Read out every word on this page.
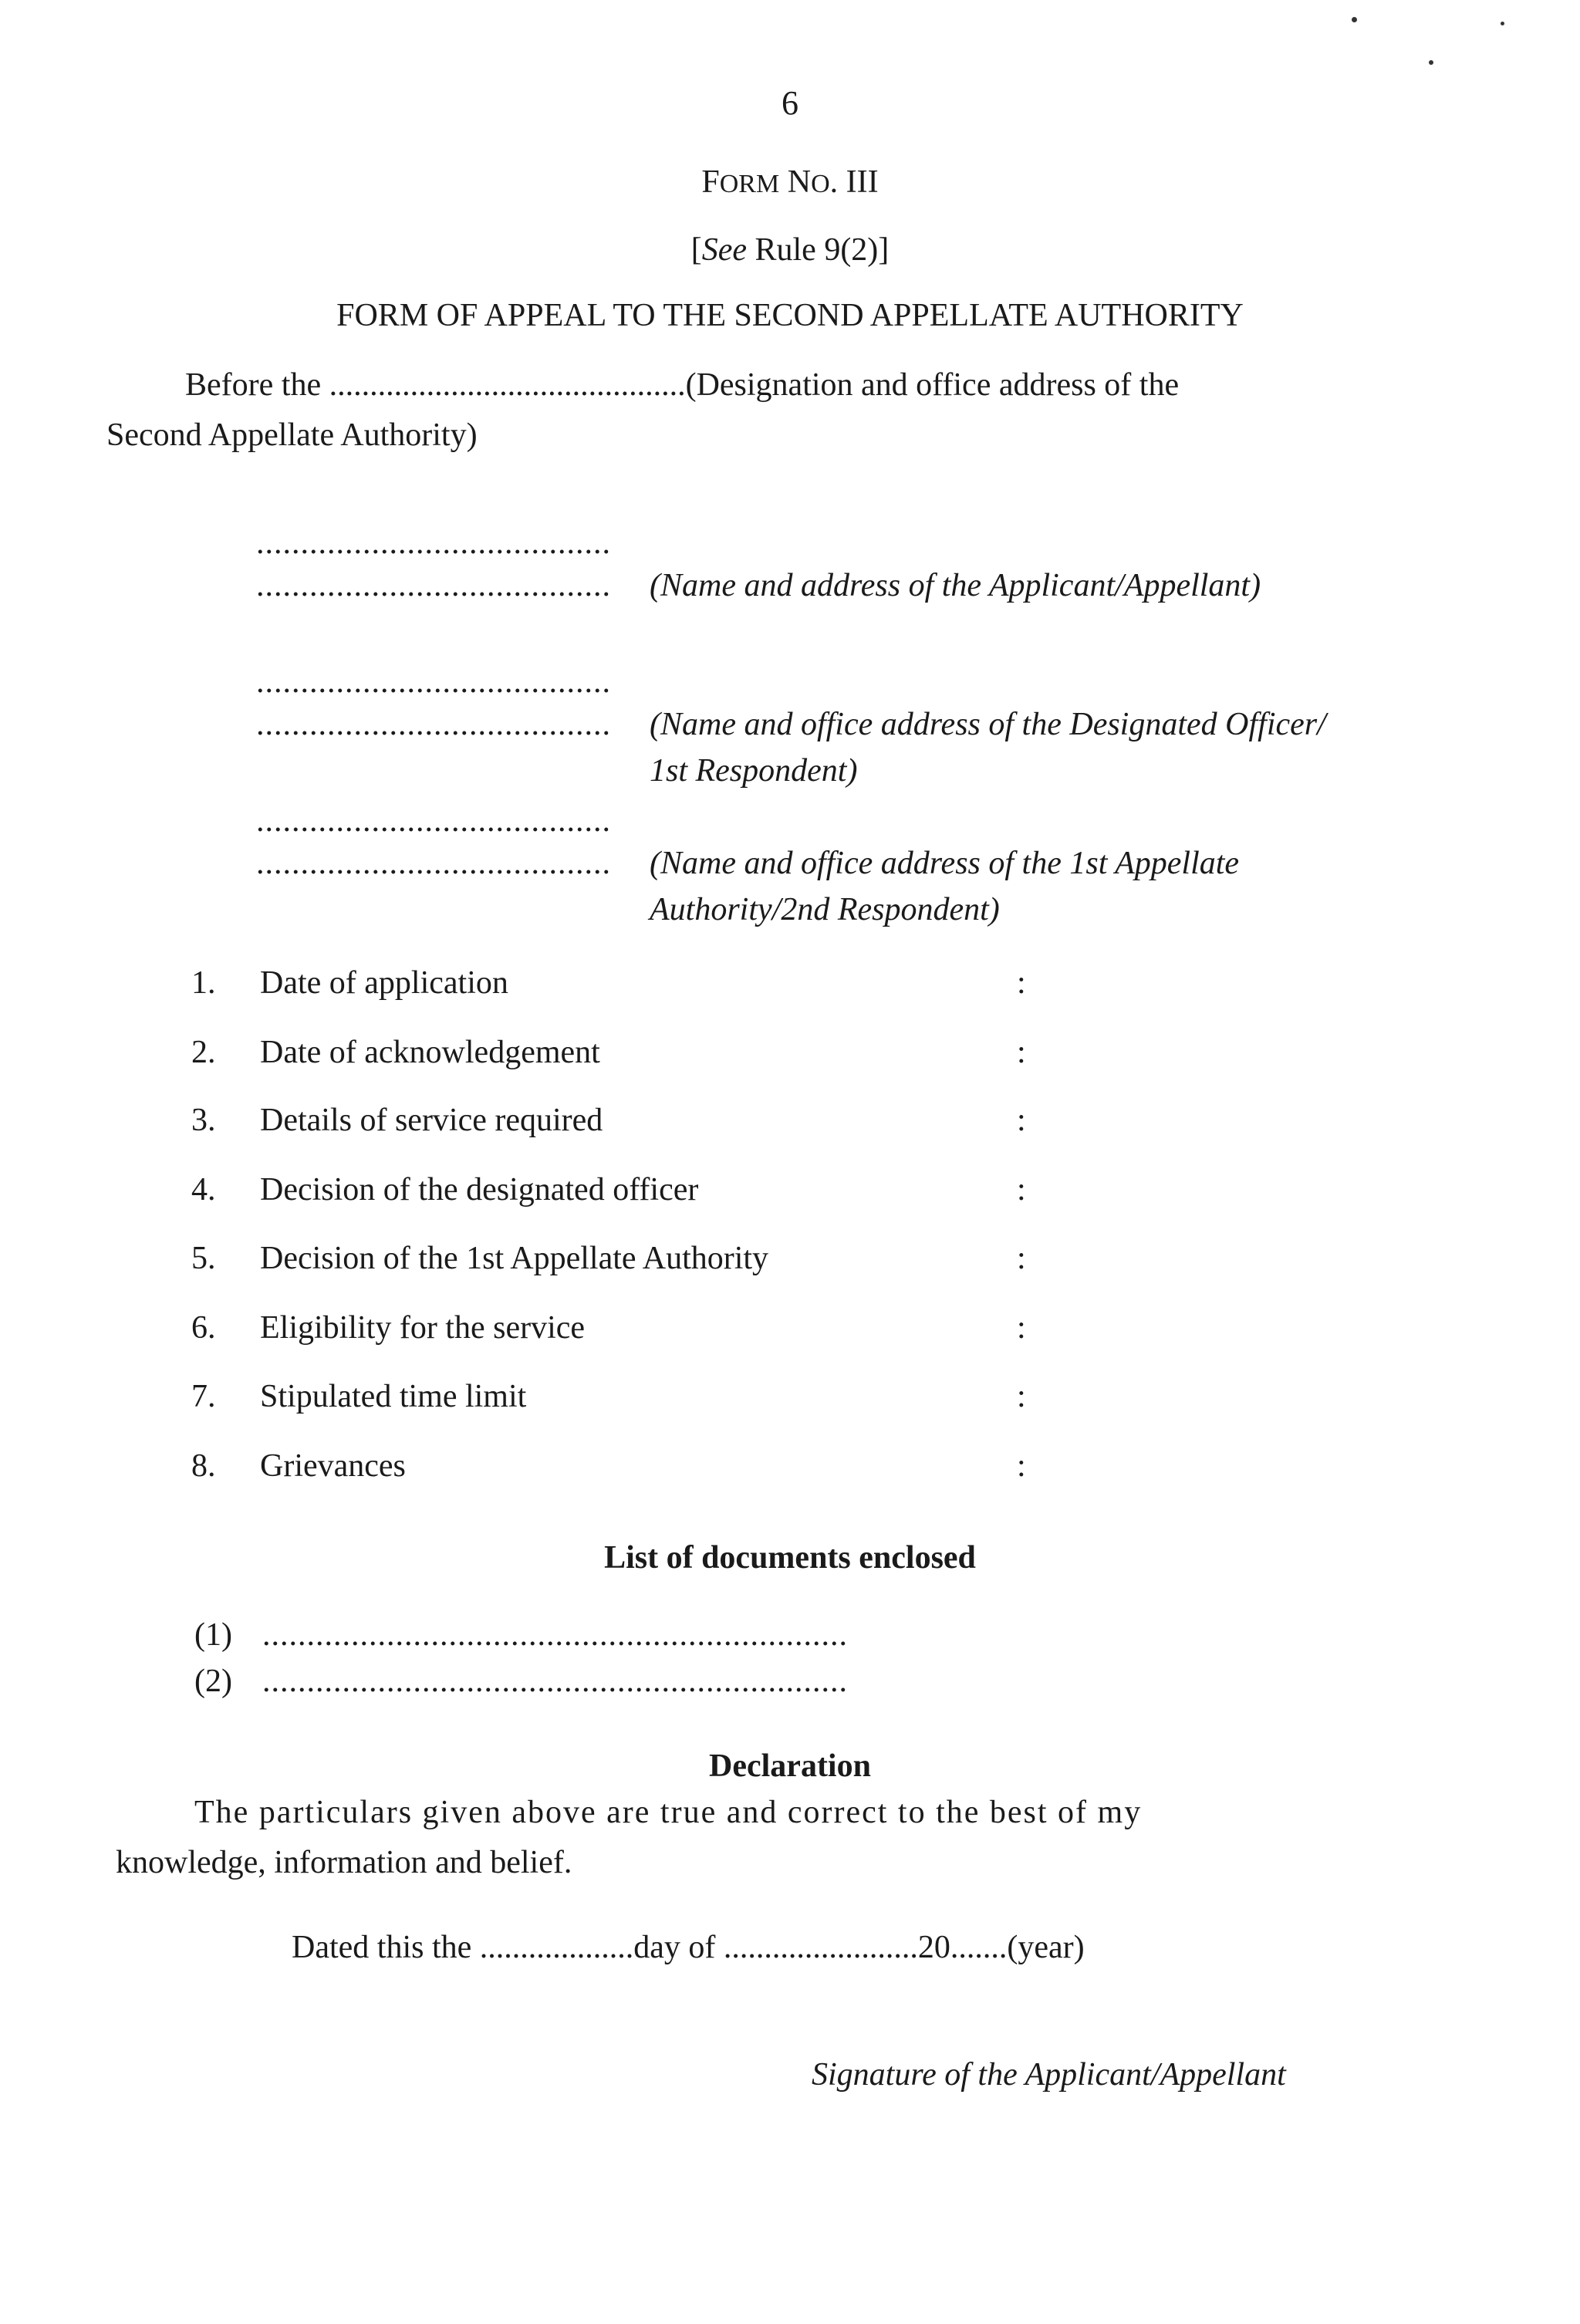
6
FORM NO. III
[See Rule 9(2)]
FORM OF APPEAL TO THE SECOND APPELLATE AUTHORITY
Before the ............................................(Designation and office address of the
Second Appellate Authority)
........................................
........................................ (Name and address of the Applicant/Appellant)
........................................
........................................ (Name and office address of the Designated Officer/
1st Respondent)
........................................
........................................ (Name and office address of the 1st Appellate
Authority/2nd Respondent)
1.	Date of application	:
2.	Date of acknowledgement	:
3.	Details of service required	:
4.	Decision of the designated officer	:
5.	Decision of the 1st Appellate Authority	:
6.	Eligibility for the service	:
7.	Stipulated time limit	:
8.	Grievances	:
List of documents enclosed
(1) ..................................................................
(2) ..................................................................
Declaration
The particulars given above are true and correct to the best of my
knowledge, information and belief.
Dated this the ...................day of ........................20.......(year)
Signature of the Applicant/Appellant
